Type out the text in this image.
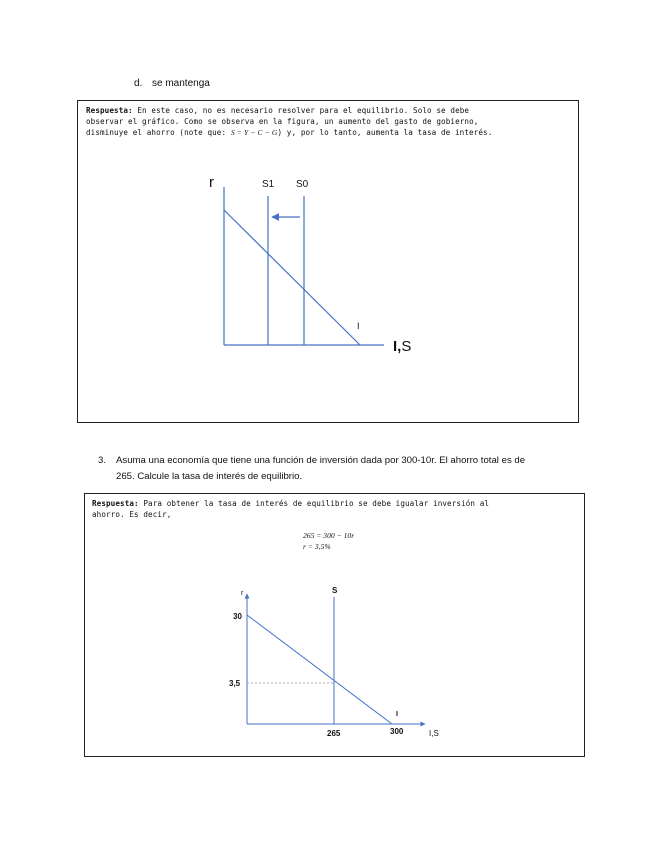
d. se mantenga
Respuesta: En este caso, no es necesario resolver para el equilibrio. Solo se debe
observar el gráfico. Como se observa en la figura, un aumento del gasto de gobierno,
disminuye el ahorro (note que: S = Y − C − G) y, por lo tanto, aumenta la tasa de interés.
r	S1 S0
I
I,S
3. Asuma una economía que tiene una función de inversión dada por 300-10r. El ahorro total es de
265. Calcule la tasa de interés de equilibrio.
Respuesta: Para obtener la tasa de interés de equilibrio se debe igualar inversión al
ahorro. Es decir,
265 = 300 − 10r
r = 3,5%
r	S
30
3,5
I
265	300	I,S
